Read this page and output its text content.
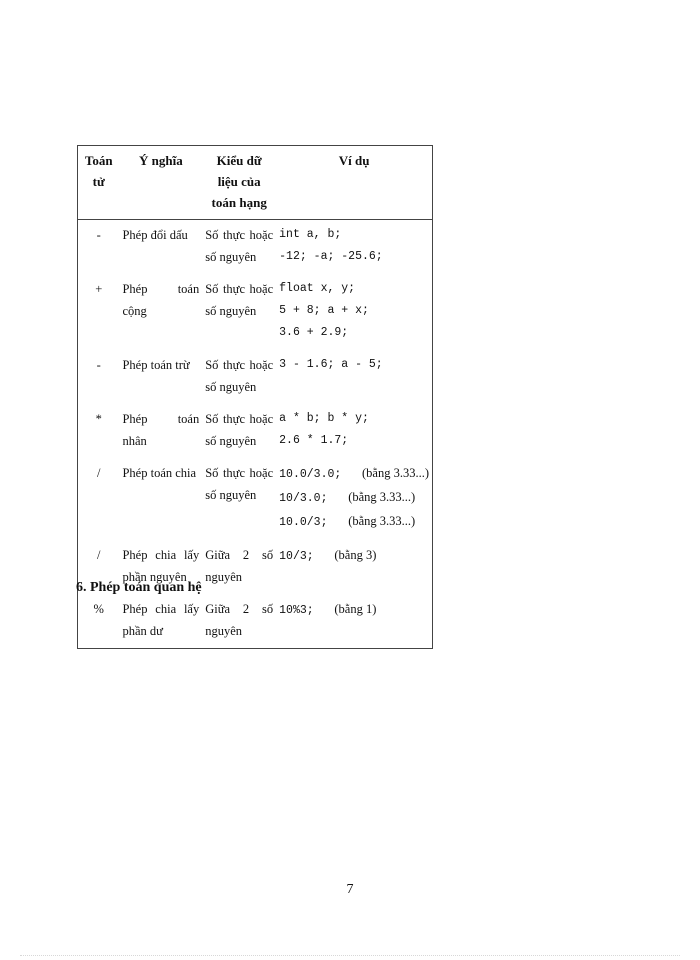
Toán tử	Ý nghĩa	Kiểu dữ liệu của toán hạng	Ví dụ
-	Phép đổi dấu	Số thực hoặc số nguyên	int a, b;
-12; -a; -25.6;

+	Phép toán cộng	Số thực hoặc số nguyên	float x, y;
5 + 8; a + x;
3.6 + 2.9;

-	Phép toán trừ	Số thực hoặc số nguyên	3 - 1.6; a - 5;

*	Phép toán nhân	Số thực hoặc số nguyên	a * b; b * y;
2.6 * 1.7;

/	Phép toán chia	Số thực hoặc số nguyên	10.0/3.0; (bằng 3.33...)
10/3.0; (bằng 3.33...)
10.0/3; (bằng 3.33...)

/	Phép chia lấy phần nguyên	Giữa 2 số nguyên	10/3; (bằng 3)

%	Phép chia lấy phần dư	Giữa 2 số nguyên	10%3; (bằng 1)
6. Phép toán quan hệ
7
